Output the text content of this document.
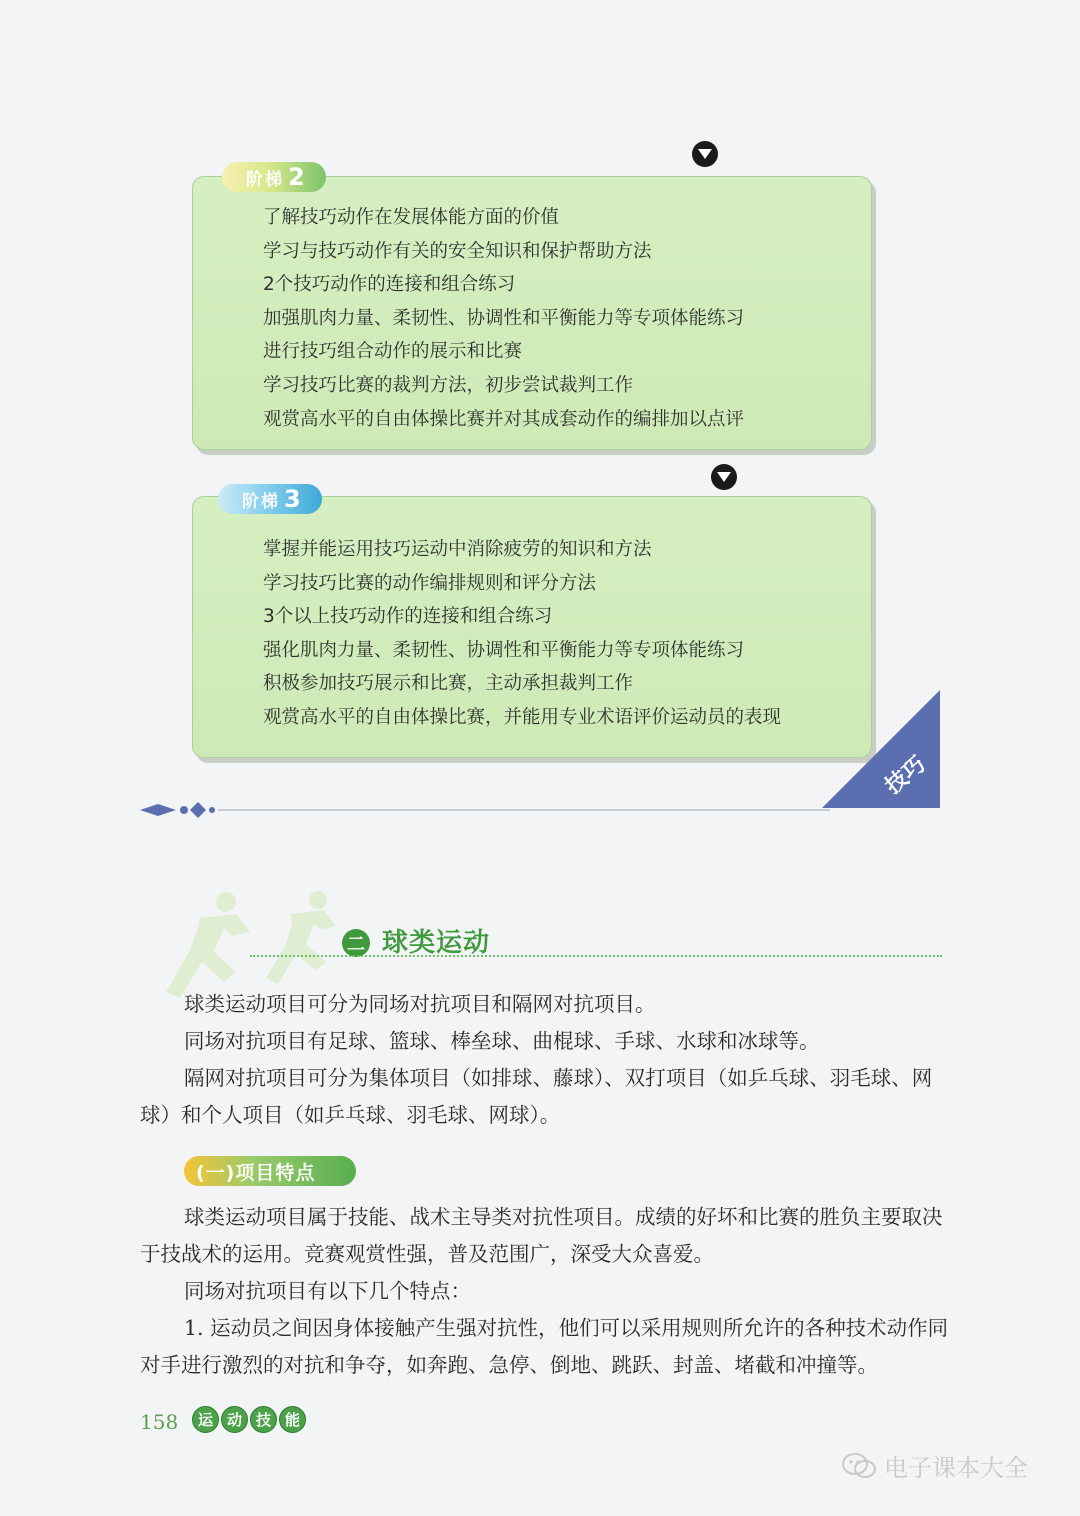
了解技巧动作在发展体能方面的价值
学习与技巧动作有关的安全知识和保护帮助方法
2个技巧动作的连接和组合练习
加强肌肉力量、柔韧性、协调性和平衡能力等专项体能练习
进行技巧组合动作的展示和比赛
学习技巧比赛的裁判方法，初步尝试裁判工作
观赏高水平的自由体操比赛并对其成套动作的编排加以点评
阶梯 2
掌握并能运用技巧运动中消除疲劳的知识和方法
学习技巧比赛的动作编排规则和评分方法
3个以上技巧动作的连接和组合练习
强化肌肉力量、柔韧性、协调性和平衡能力等专项体能练习
积极参加技巧展示和比赛，主动承担裁判工作
观赏高水平的自由体操比赛，并能用专业术语评价运动员的表现
阶梯 3
技巧
二 球类运动

球类运动项目可分为同场对抗项目和隔网对抗项目。

同场对抗项目有足球、篮球、棒垒球、曲棍球、手球、水球和冰球等。

隔网对抗项目可分为集体项目（如排球、藤球）、双打项目（如乒乓球、羽毛球、网球）和个人项目（如乒乓球、羽毛球、网球）。

(一)项目特点

球类运动项目属于技能、战术主导类对抗性项目。成绩的好坏和比赛的胜负主要取决于技战术的运用。竞赛观赏性强，普及范围广，深受大众喜爱。

同场对抗项目有以下几个特点：

1. 运动员之间因身体接触产生强对抗性，他们可以采用规则所允许的各种技术动作同对手进行激烈的对抗和争夺，如奔跑、急停、倒地、跳跃、封盖、堵截和冲撞等。

158	运 动 技 能
电子课本大全
